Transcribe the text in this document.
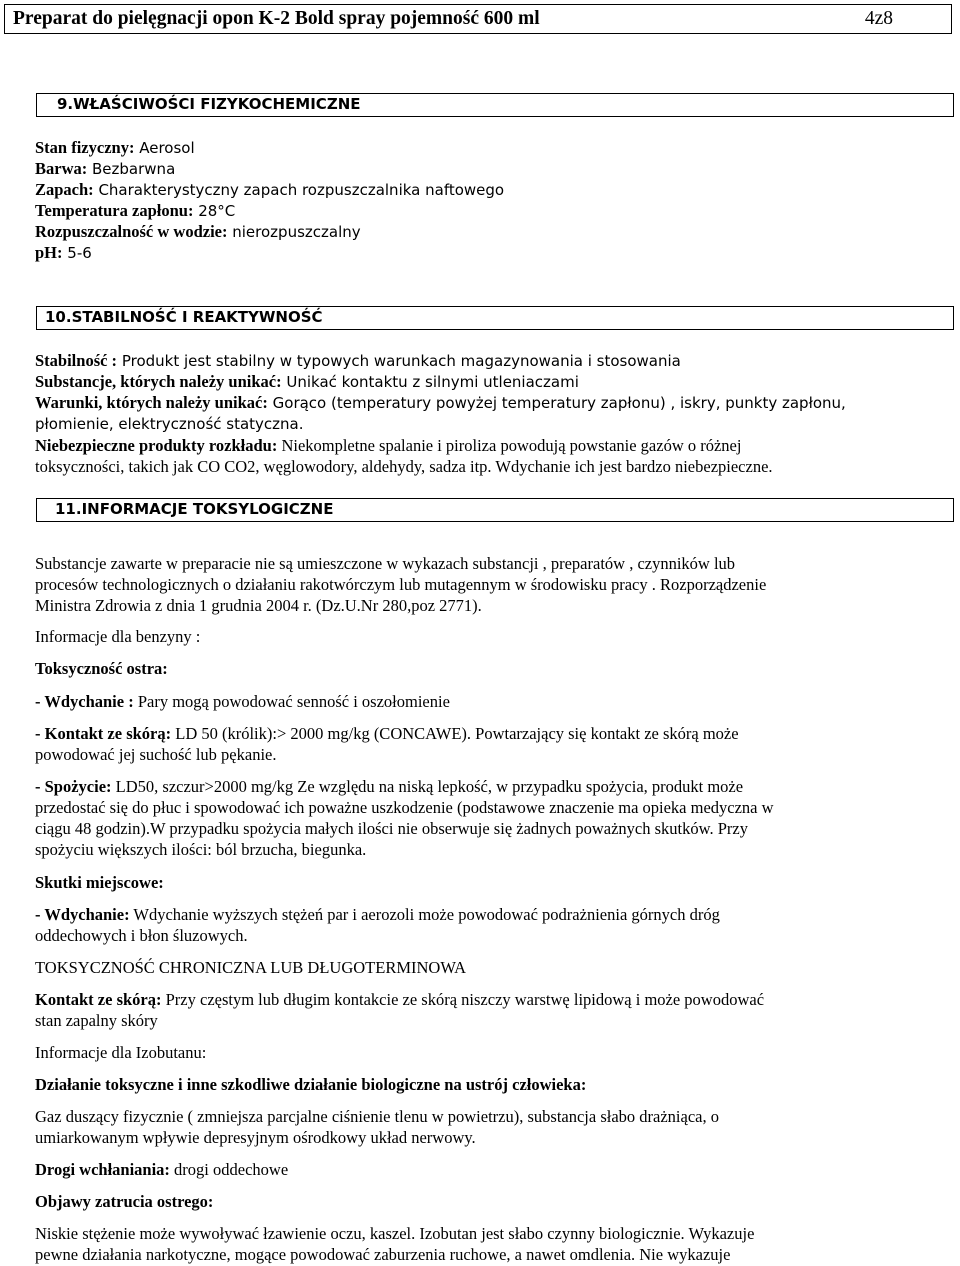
Preparat do pielęgnacji opon K-2 Bold spray pojemność 600 ml	4z8
9.WŁAŚCIWOŚCI FIZYKOCHEMICZNE
Stan fizyczny: Aerosol
Barwa: Bezbarwna
Zapach: Charakterystyczny zapach rozpuszczalnika naftowego
Temperatura zapłonu: 28°C
Rozpuszczalność w wodzie: nierozpuszczalny
pH: 5-6
10.STABILNOŚĆ I REAKTYWNOŚĆ
Stabilność : Produkt jest stabilny w typowych warunkach magazynowania i stosowania
Substancje, których należy unikać: Unikać kontaktu z silnymi utleniaczami
Warunki, których należy unikać: Gorąco (temperatury powyżej temperatury zapłonu) , iskry, punkty zapłonu,
płomienie, elektryczność statyczna.
Niebezpieczne produkty rozkładu: Niekompletne spalanie i piroliza powodują powstanie gazów o różnej
toksyczności, takich jak CO CO2, węglowodory, aldehydy, sadza itp. Wdychanie ich jest bardzo niebezpieczne.
11.INFORMACJE TOKSYLOGICZNE
Substancje zawarte w preparacie nie są umieszczone w wykazach substancji , preparatów , czynników lub
procesów technologicznych o działaniu rakotwórczym lub mutagennym w środowisku pracy . Rozporządzenie
Ministra Zdrowia z dnia 1 grudnia 2004 r. (Dz.U.Nr 280,poz 2771).
Informacje dla benzyny :
Toksyczność ostra:
- Wdychanie : Pary mogą powodować senność i oszołomienie
- Kontakt ze skórą: LD 50 (królik):> 2000 mg/kg (CONCAWE). Powtarzający się kontakt ze skórą może
powodować jej suchość lub pękanie.
- Spożycie: LD50, szczur>2000 mg/kg Ze względu na niską lepkość, w przypadku spożycia, produkt może
przedostać się do płuc i spowodować ich poważne uszkodzenie (podstawowe znaczenie ma opieka medyczna w
ciągu 48 godzin).W przypadku spożycia małych ilości nie obserwuje się żadnych poważnych skutków. Przy
spożyciu większych ilości: ból brzucha, biegunka.
Skutki miejscowe:
- Wdychanie: Wdychanie wyższych stężeń par i aerozoli może powodować podrażnienia górnych dróg
oddechowych i błon śluzowych.
TOKSYCZNOŚĆ CHRONICZNA LUB DŁUGOTERMINOWA
Kontakt ze skórą: Przy częstym lub długim kontakcie ze skórą niszczy warstwę lipidową i może powodować
stan zapalny skóry
Informacje dla Izobutanu:
Działanie toksyczne i inne szkodliwe działanie biologiczne na ustrój człowieka:
Gaz duszący fizycznie ( zmniejsza parcjalne ciśnienie tlenu w powietrzu), substancja słabo drażniąca, o
umiarkowanym wpływie depresyjnym ośrodkowy układ nerwowy.
Drogi wchłaniania: drogi oddechowe
Objawy zatrucia ostrego:
Niskie stężenie może wywoływać łzawienie oczu, kaszel. Izobutan jest słabo czynny biologicznie. Wykazuje
pewne działania narkotyczne, mogące powodować zaburzenia ruchowe, a nawet omdlenia. Nie wykazuje
